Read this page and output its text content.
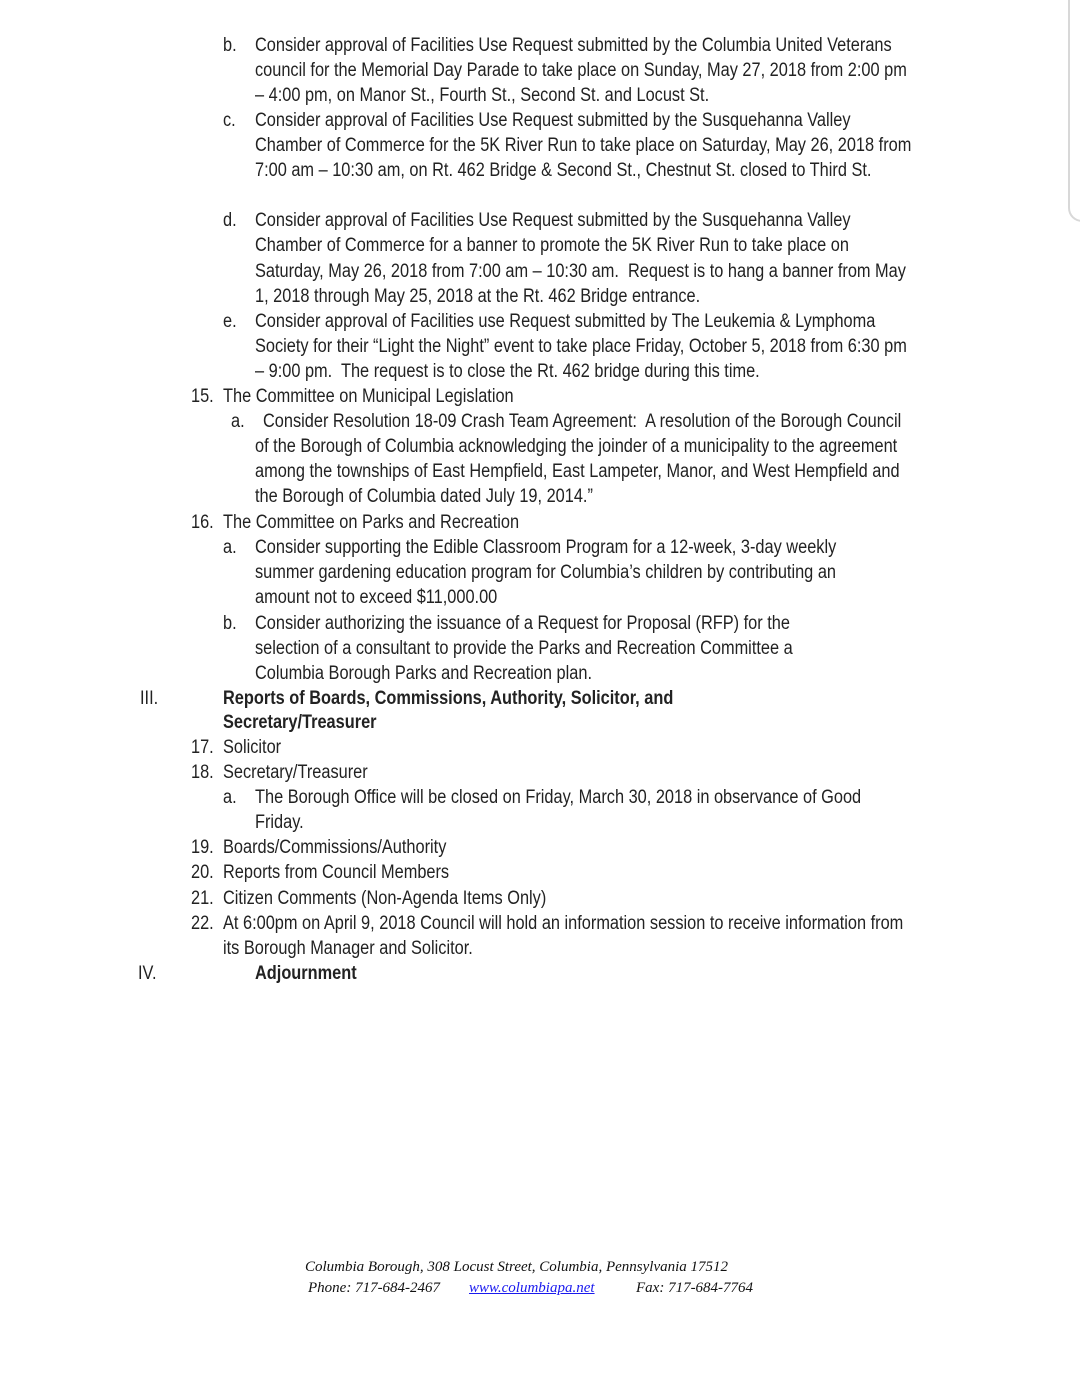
b. Consider approval of Facilities Use Request submitted by the Columbia United Veterans
council for the Memorial Day Parade to take place on Sunday, May 27, 2018 from 2:00 pm
– 4:00 pm, on Manor St., Fourth St., Second St. and Locust St.
c. Consider approval of Facilities Use Request submitted by the Susquehanna Valley
Chamber of Commerce for the 5K River Run to take place on Saturday, May 26, 2018 from
7:00 am – 10:30 am, on Rt. 462 Bridge & Second St., Chestnut St. closed to Third St.
d. Consider approval of Facilities Use Request submitted by the Susquehanna Valley
Chamber of Commerce for a banner to promote the 5K River Run to take place on
Saturday, May 26, 2018 from 7:00 am – 10:30 am.  Request is to hang a banner from May
1, 2018 through May 25, 2018 at the Rt. 462 Bridge entrance.
e. Consider approval of Facilities use Request submitted by The Leukemia & Lymphoma
Society for their “Light the Night” event to take place Friday, October 5, 2018 from 6:30 pm
– 9:00 pm.  The request is to close the Rt. 462 bridge during this time.
15. The Committee on Municipal Legislation
a. Consider Resolution 18-09 Crash Team Agreement:  A resolution of the Borough Council
of the Borough of Columbia acknowledging the joinder of a municipality to the agreement
among the townships of East Hempfield, East Lampeter, Manor, and West Hempfield and
the Borough of Columbia dated July 19, 2014.”
16. The Committee on Parks and Recreation
a. Consider supporting the Edible Classroom Program for a 12-week, 3-day weekly
summer gardening education program for Columbia’s children by contributing an
amount not to exceed $11,000.00
b. Consider authorizing the issuance of a Request for Proposal (RFP) for the
selection of a consultant to provide the Parks and Recreation Committee a
Columbia Borough Parks and Recreation plan.
III.	Reports of Boards, Commissions, Authority, Solicitor, and
Secretary/Treasurer
17. Solicitor
18. Secretary/Treasurer
a. The Borough Office will be closed on Friday, March 30, 2018 in observance of Good
Friday.
19. Boards/Commissions/Authority
20. Reports from Council Members
21. Citizen Comments (Non-Agenda Items Only)
22. At 6:00pm on April 9, 2018 Council will hold an information session to receive information from
its Borough Manager and Solicitor.
IV.	Adjournment
Columbia Borough, 308 Locust Street, Columbia, Pennsylvania 17512
Phone: 717-684-2467 www.columbiapa.net	Fax: 717-684-7764
